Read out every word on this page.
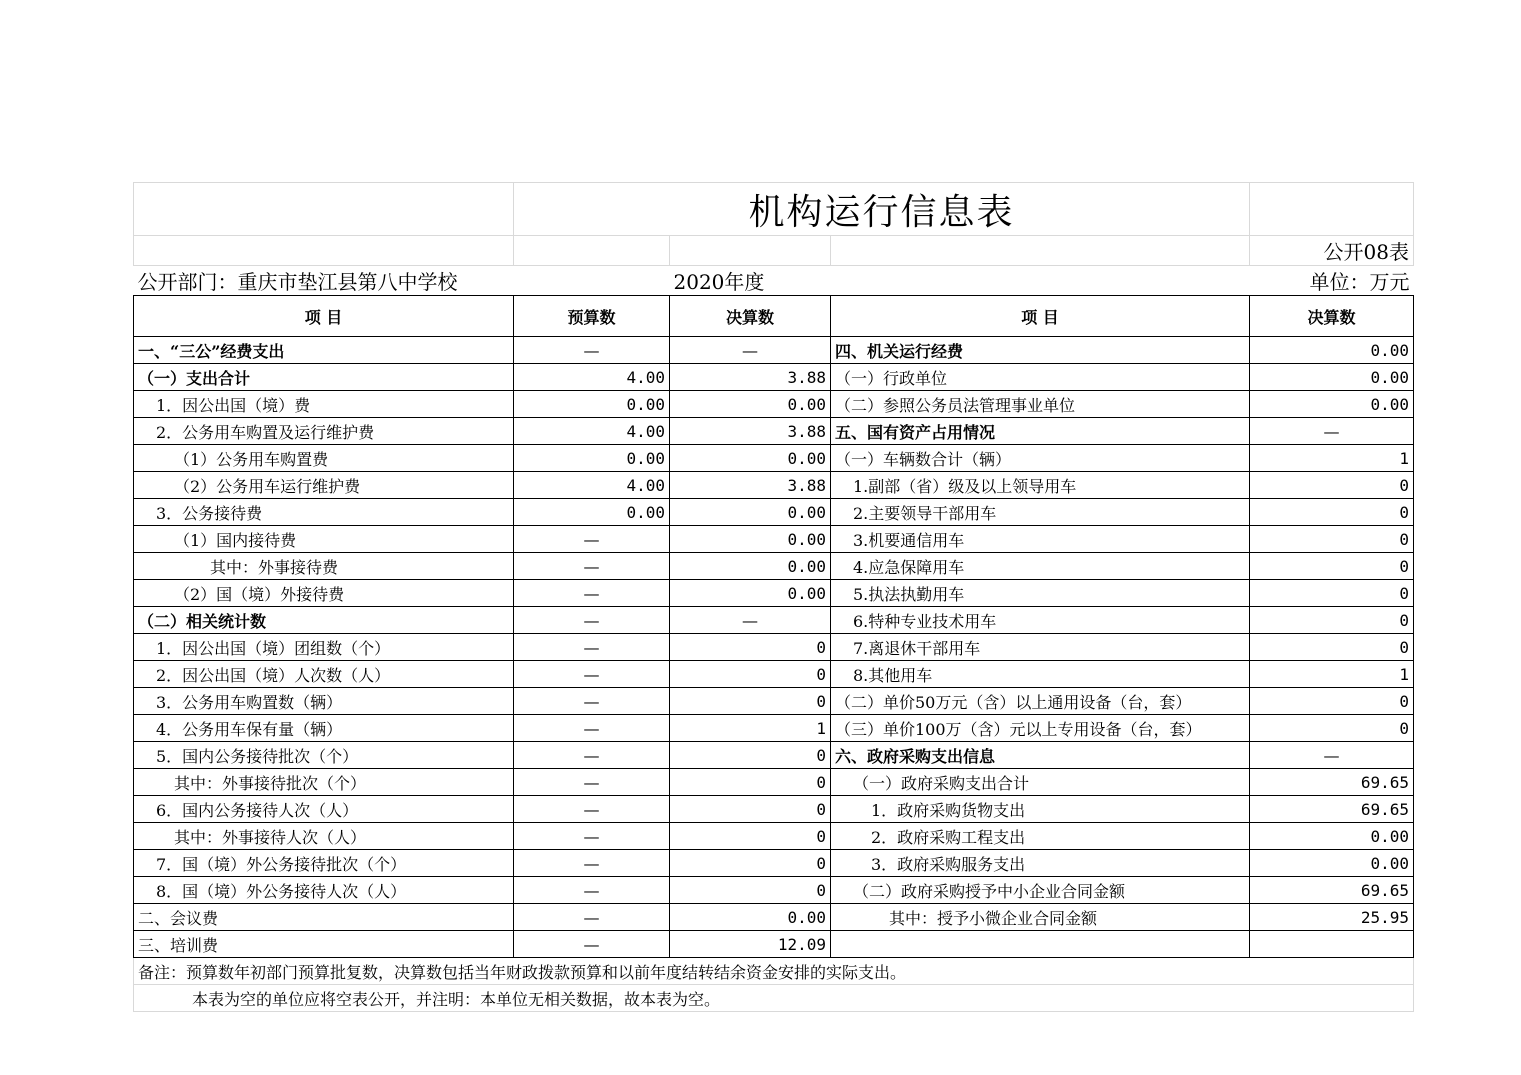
	机构运行信息表			
				公开08表
公开部门：重庆市垫江县第八中学校		2020年度		单位：万元
项 目	预算数	决算数	项 目	决算数
一、“三公”经费支出	—	—	四、机关运行经费	0.00
（一）支出合计	4.00	3.88	（一）行政单位	0.00
1．因公出国（境）费	0.00	0.00	（二）参照公务员法管理事业单位	0.00
2．公务用车购置及运行维护费	4.00	3.88	五、国有资产占用情况	—
（1）公务用车购置费	0.00	0.00	（一）车辆数合计（辆）	1
（2）公务用车运行维护费	4.00	3.88	1.副部（省）级及以上领导用车	0
3．公务接待费	0.00	0.00	2.主要领导干部用车	0
（1）国内接待费	—	0.00	3.机要通信用车	0
其中：外事接待费	—	0.00	4.应急保障用车	0
（2）国（境）外接待费	—	0.00	5.执法执勤用车	0
（二）相关统计数	—	—	6.特种专业技术用车	0
1．因公出国（境）团组数（个）	—	0	7.离退休干部用车	0
2．因公出国（境）人次数（人）	—	0	8.其他用车	1
3．公务用车购置数（辆）	—	0	（二）单价50万元（含）以上通用设备（台，套）	0
4．公务用车保有量（辆）	—	1	（三）单价100万（含）元以上专用设备（台，套）	0
5．国内公务接待批次（个）	—	0	六、政府采购支出信息	—
其中：外事接待批次（个）	—	0	（一）政府采购支出合计	69.65
6．国内公务接待人次（人）	—	0	1．政府采购货物支出	69.65
其中：外事接待人次（人）	—	0	2．政府采购工程支出	0.00
7．国（境）外公务接待批次（个）	—	0	3．政府采购服务支出	0.00
8．国（境）外公务接待人次（人）	—	0	（二）政府采购授予中小企业合同金额	69.65
二、会议费	—	0.00	其中：授予小微企业合同金额	25.95
三、培训费	—	12.09		
备注：预算数年初部门预算批复数，决算数包括当年财政拨款预算和以前年度结转结余资金安排的实际支出。				
本表为空的单位应将空表公开，并注明：本单位无相关数据，故本表为空。				
